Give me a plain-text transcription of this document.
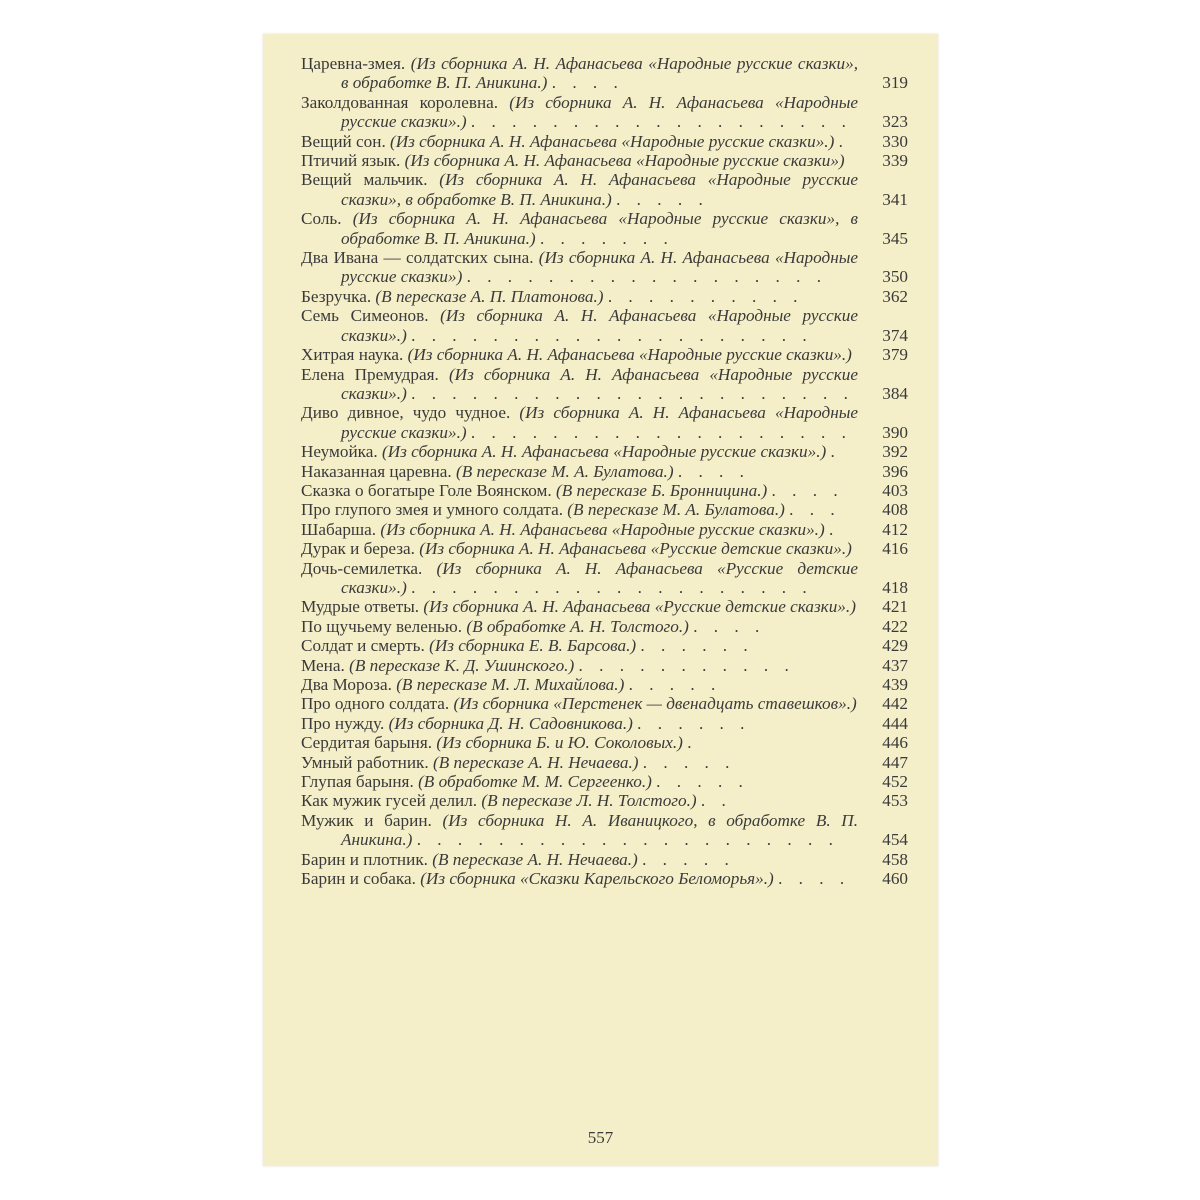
Царевна-змея. (Из сборника А. Н. Афанасьева «Народные русские сказки», в обработке В. П. Аникина.) . . . .	319
Заколдованная королевна. (Из сборника А. Н. Афанасьева «Народные русские сказки».) . . . . . . . . . . . . . . . . . . .	323
Вещий сон. (Из сборника А. Н. Афанасьева «Народные русские сказки».) .	330
Птичий язык. (Из сборника А. Н. Афанасьева «Народные русские сказки»)	339
Вещий мальчик. (Из сборника А. Н. Афанасьева «Народные русские сказки», в обработке В. П. Аникина.) . . . . .	341
Соль. (Из сборника А. Н. Афанасьева «Народные русские сказки», в обработке В. П. Аникина.) . . . . . . .	345
Два Ивана — солдатских сына. (Из сборника А. Н. Афанасьева «Народные русские сказки») . . . . . . . . . . . . . . . . . .	350
Безручка. (В пересказе А. П. Платонова.) . . . . . . . . . .	362
Семь Симеонов. (Из сборника А. Н. Афанасьева «Народные русские сказки».) . . . . . . . . . . . . . . . . . . . .	374
Хитрая наука. (Из сборника А. Н. Афанасьева «Народные русские сказки».)	379
Елена Премудрая. (Из сборника А. Н. Афанасьева «Народные русские сказки».) . . . . . . . . . . . . . . . . . . . . . .	384
Диво дивное, чудо чудное. (Из сборника А. Н. Афанасьева «Народные русские сказки».) . . . . . . . . . . . . . . . . . . .	390
Неумойка. (Из сборника А. Н. Афанасьева «Народные русские сказки».) .	392
Наказанная царевна. (В пересказе М. А. Булатова.) . . . .	396
Сказка о богатыре Голе Воянском. (В пересказе Б. Бронницина.) . . . .	403
Про глупого змея и умного солдата. (В пересказе М. А. Булатова.) . . .	408
Шабарша. (Из сборника А. Н. Афанасьева «Народные русские сказки».) .	412
Дурак и береза. (Из сборника А. Н. Афанасьева «Русские детские сказки».)	416
Дочь-семилетка. (Из сборника А. Н. Афанасьева «Русские детские сказки».) . . . . . . . . . . . . . . . . . . . .	418
Мудрые ответы. (Из сборника А. Н. Афанасьева «Русские детские сказки».)	421
По щучьему веленью. (В обработке А. Н. Толстого.) . . . .	422
Солдат и смерть. (Из сборника Е. В. Барсова.) . . . . . .	429
Мена. (В пересказе К. Д. Ушинского.) . . . . . . . . . . .	437
Два Мороза. (В пересказе М. Л. Михайлова.) . . . . .	439
Про одного солдата. (Из сборника «Перстенек — двенадцать ставешков».)	442
Про нужду. (Из сборника Д. Н. Садовникова.) . . . . . .	444
Сердитая барыня. (Из сборника Б. и Ю. Соколовых.) .	446
Умный работник. (В пересказе А. Н. Нечаева.) . . . . .	447
Глупая барыня. (В обработке М. М. Сергеенко.) . . . . .	452
Как мужик гусей делил. (В пересказе Л. Н. Толстого.) . .	453
Мужик и барин. (Из сборника Н. А. Иваницкого, в обработке В. П. Аникина.) . . . . . . . . . . . . . . . . . . . . .	454
Барин и плотник. (В пересказе А. Н. Нечаева.) . . . . .	458
Барин и собака. (Из сборника «Сказки Карельского Беломорья».) . . . .	460
557
